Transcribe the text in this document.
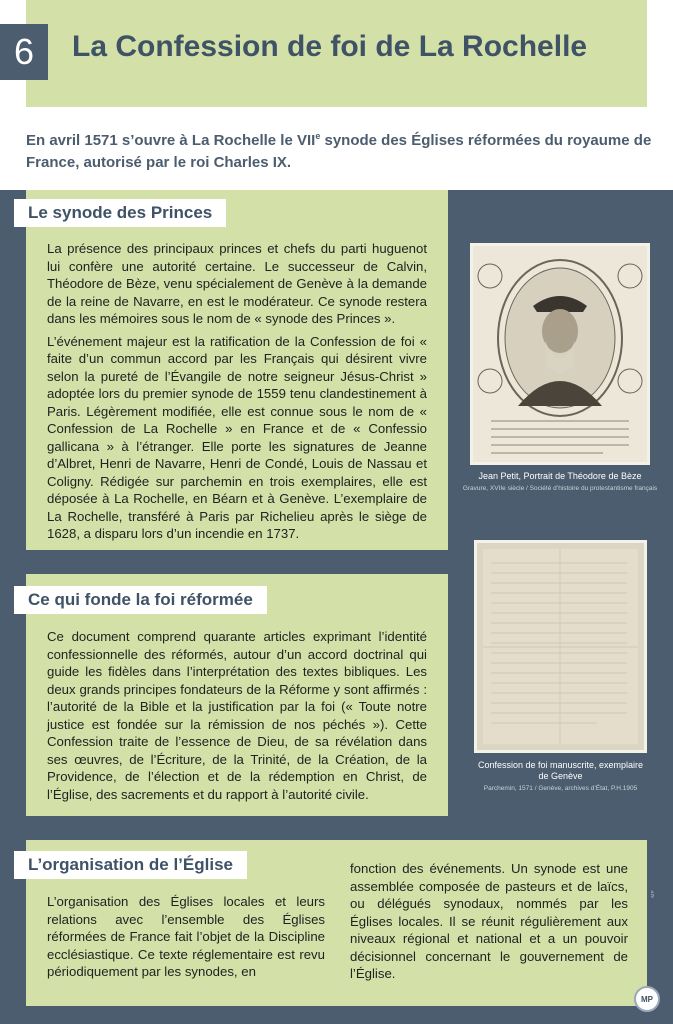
6	La Confession de foi de La Rochelle
En avril 1571 s’ouvre à La Rochelle le VIIe synode des Églises réformées du royaume de France, autorisé par le roi Charles IX.
Le synode des Princes

La présence des principaux princes et chefs du parti huguenot lui confère une autorité certaine. Le successeur de Calvin, Théodore de Bèze, venu spécialement de Genève à la demande de la reine de Navarre, en est le modérateur. Ce synode restera dans les mémoires sous le nom de « synode des Princes ».

L’événement majeur est la ratification de la Confession de foi « faite d’un commun accord par les Français qui désirent vivre selon la pureté de l’Évangile de notre seigneur Jésus-Christ » adoptée lors du premier synode de 1559 tenu clandestinement à Paris. Légèrement modifiée, elle est connue sous le nom de « Confession de La Rochelle » en France et de « Confessio gallicana » à l’étranger. Elle porte les signatures de Jeanne d’Albret, Henri de Navarre, Henri de Condé, Louis de Nassau et Coligny. Rédigée sur parchemin en trois exemplaires, elle est déposée à La Rochelle, en Béarn et à Genève. L’exemplaire de La Rochelle, transféré à Paris par Richelieu après le siège de 1628, a disparu lors d’un incendie en 1737.

Jean Petit, Portrait de Théodore de Bèze
Gravure, XVIIe siècle / Société d’histoire du protestantisme français
Ce qui fonde la foi réformée

Ce document comprend quarante articles exprimant l’identité confessionnelle des réformés, autour d’un accord doctrinal qui guide les fidèles dans l’interprétation des textes bibliques. Les deux grands principes fondateurs de la Réforme y sont affirmés : l’autorité de la Bible et la justification par la foi (« Toute notre justice est fondée sur la rémission de nos péchés »). Cette Confession traite de l’essence de Dieu, de sa révélation dans ses œuvres, de l’Écriture, de la Trinité, de la Création, de la Providence, de l’élection et de la rédemption en Christ, de l’Église, des sacrements et du rapport à l’autorité civile.

Confession de foi manuscrite, exemplaire de Genève
Parchemin, 1571 / Genève, archives d’État, P.H.1905
L’organisation de l’Église
L’organisation des Églises locales et leurs relations avec l’ensemble des Églises réformées de France fait l’objet de la Discipline ecclésiastique. Ce texte réglementaire est revu périodiquement par les synodes, en
fonction des événements. Un synode est une assemblée composée de pasteurs et de laïcs, ou délégués synodaux, nommés par les Églises locales. Il se réunit régulièrement aux niveaux régional et national et a un pouvoir décisionnel concernant le gouvernement de l’Église.
MP
MP
